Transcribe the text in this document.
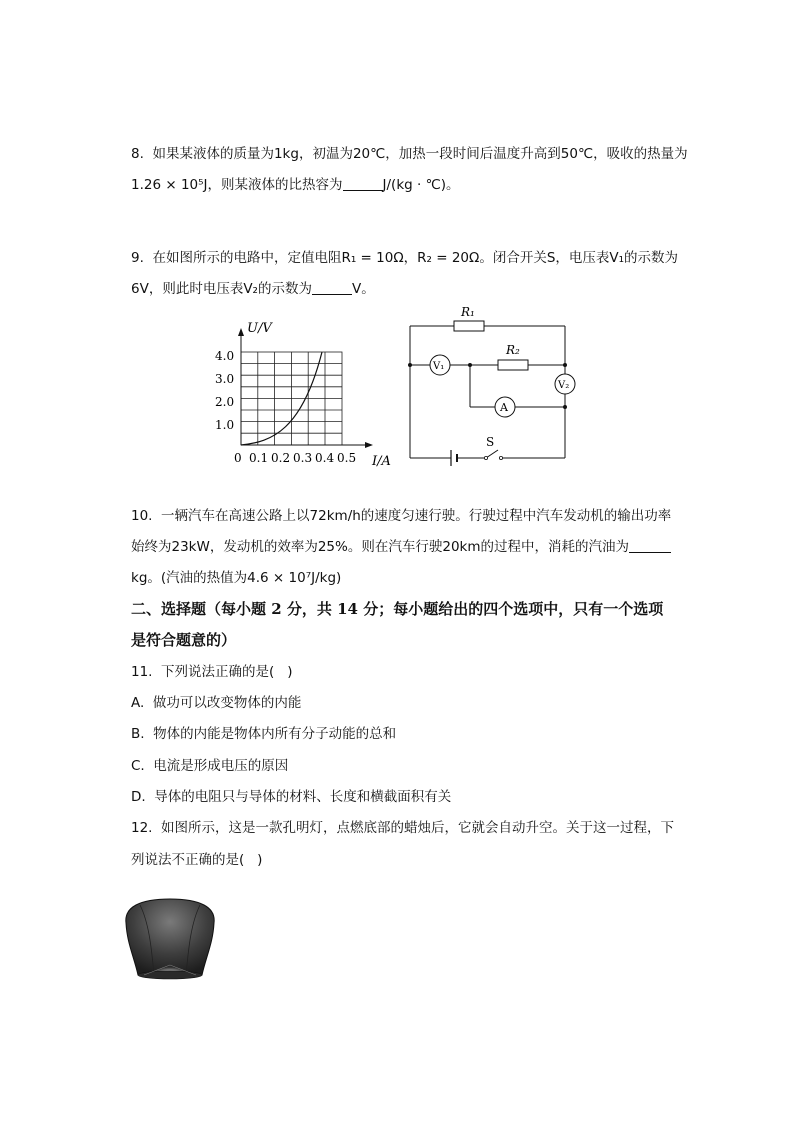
8.  如果某液体的质量为1kg，初温为20℃，加热一段时间后温度升高到50℃，吸收的热量为
1.26 × 10⁵J，则某液体的比热容为	J/(kg · ℃)。
9.  在如图所示的电路中，定值电阻R₁ = 10Ω，R₂ = 20Ω。闭合开关S，电压表V₁的示数为
6V，则此时电压表V₂的示数为	V。
U/V
I/A
0
4.0
3.0
2.0
1.0
0.1 0.2 0.3 0.4 0.5
R₁
R₂
V₁
V₂
A
S
10.  一辆汽车在高速公路上以72km/h的速度匀速行驶。行驶过程中汽车发动机的输出功率
始终为23kW，发动机的效率为25%。则在汽车行驶20km的过程中，消耗的汽油为
kg。(汽油的热值为4.6 × 10⁷J/kg)
二、选择题（每小题 2 分，共 14 分；每小题给出的四个选项中，只有一个选项
是符合题意的）
11.  下列说法正确的是(   )
A.  做功可以改变物体的内能
B.  物体的内能是物体内所有分子动能的总和
C.  电流是形成电压的原因
D.  导体的电阻只与导体的材料、长度和横截面积有关
12.  如图所示，这是一款孔明灯，点燃底部的蜡烛后，它就会自动升空。关于这一过程，下
列说法不正确的是(   )
